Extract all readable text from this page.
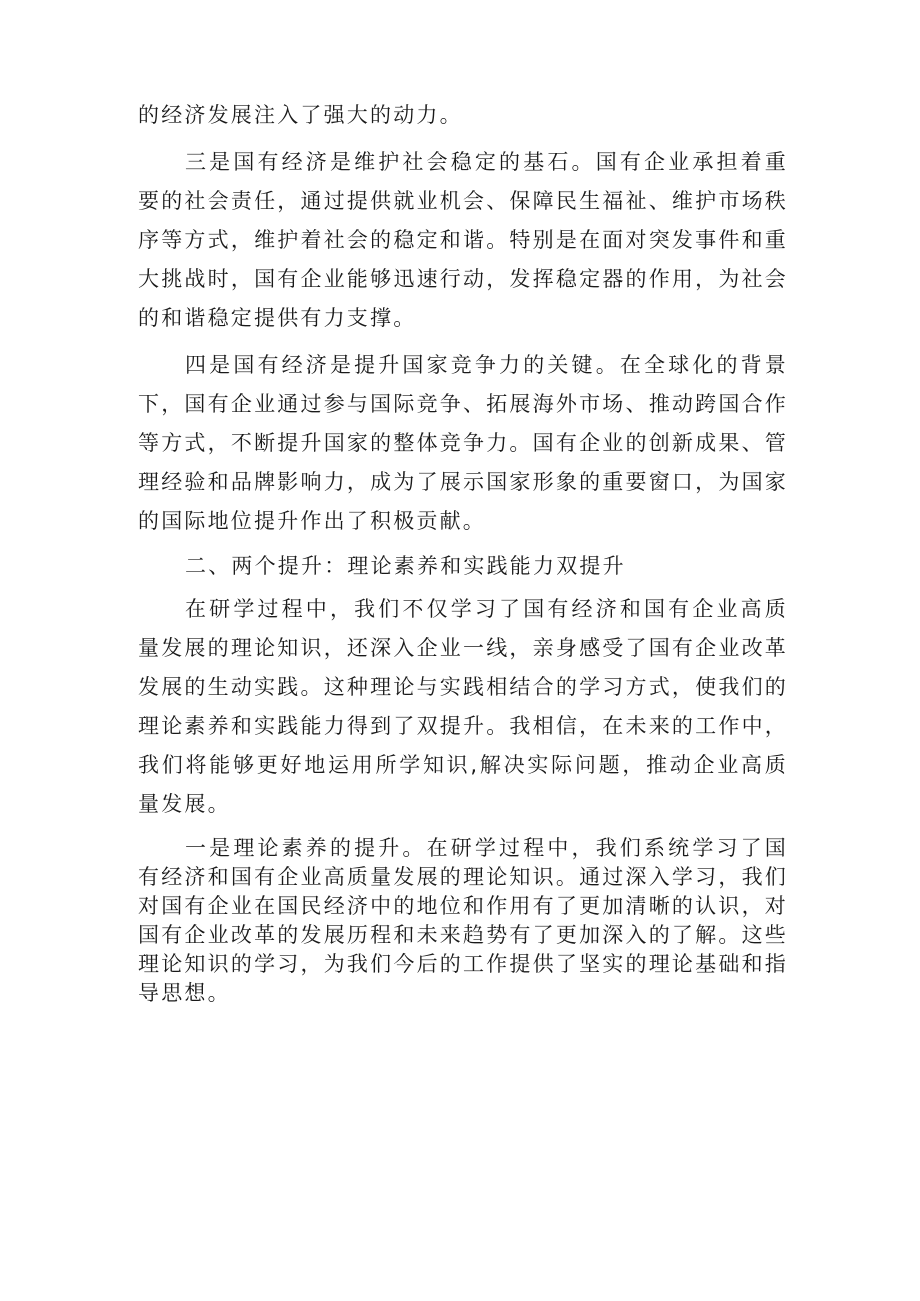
的经济发展注入了强大的动力。

三是国有经济是维护社会稳定的基石。国有企业承担着重要的社会责任，通过提供就业机会、保障民生福祉、维护市场秩序等方式，维护着社会的稳定和谐。特别是在面对突发事件和重大挑战时，国有企业能够迅速行动，发挥稳定器的作用，为社会的和谐稳定提供有力支撑。

四是国有经济是提升国家竞争力的关键。在全球化的背景下，国有企业通过参与国际竞争、拓展海外市场、推动跨国合作等方式，不断提升国家的整体竞争力。国有企业的创新成果、管理经验和品牌影响力，成为了展示国家形象的重要窗口，为国家的国际地位提升作出了积极贡献。

二、两个提升：理论素养和实践能力双提升

在研学过程中，我们不仅学习了国有经济和国有企业高质量发展的理论知识，还深入企业一线，亲身感受了国有企业改革发展的生动实践。这种理论与实践相结合的学习方式，使我们的理论素养和实践能力得到了双提升。我相信，在未来的工作中，我们将能够更好地运用所学知识,解决实际问题，推动企业高质量发展。

一是理论素养的提升。在研学过程中，我们系统学习了国有经济和国有企业高质量发展的理论知识。通过深入学习，我们对国有企业在国民经济中的地位和作用有了更加清晰的认识，对国有企业改革的发展历程和未来趋势有了更加深入的了解。这些理论知识的学习，为我们今后的工作提供了坚实的理论基础和指导思想。
